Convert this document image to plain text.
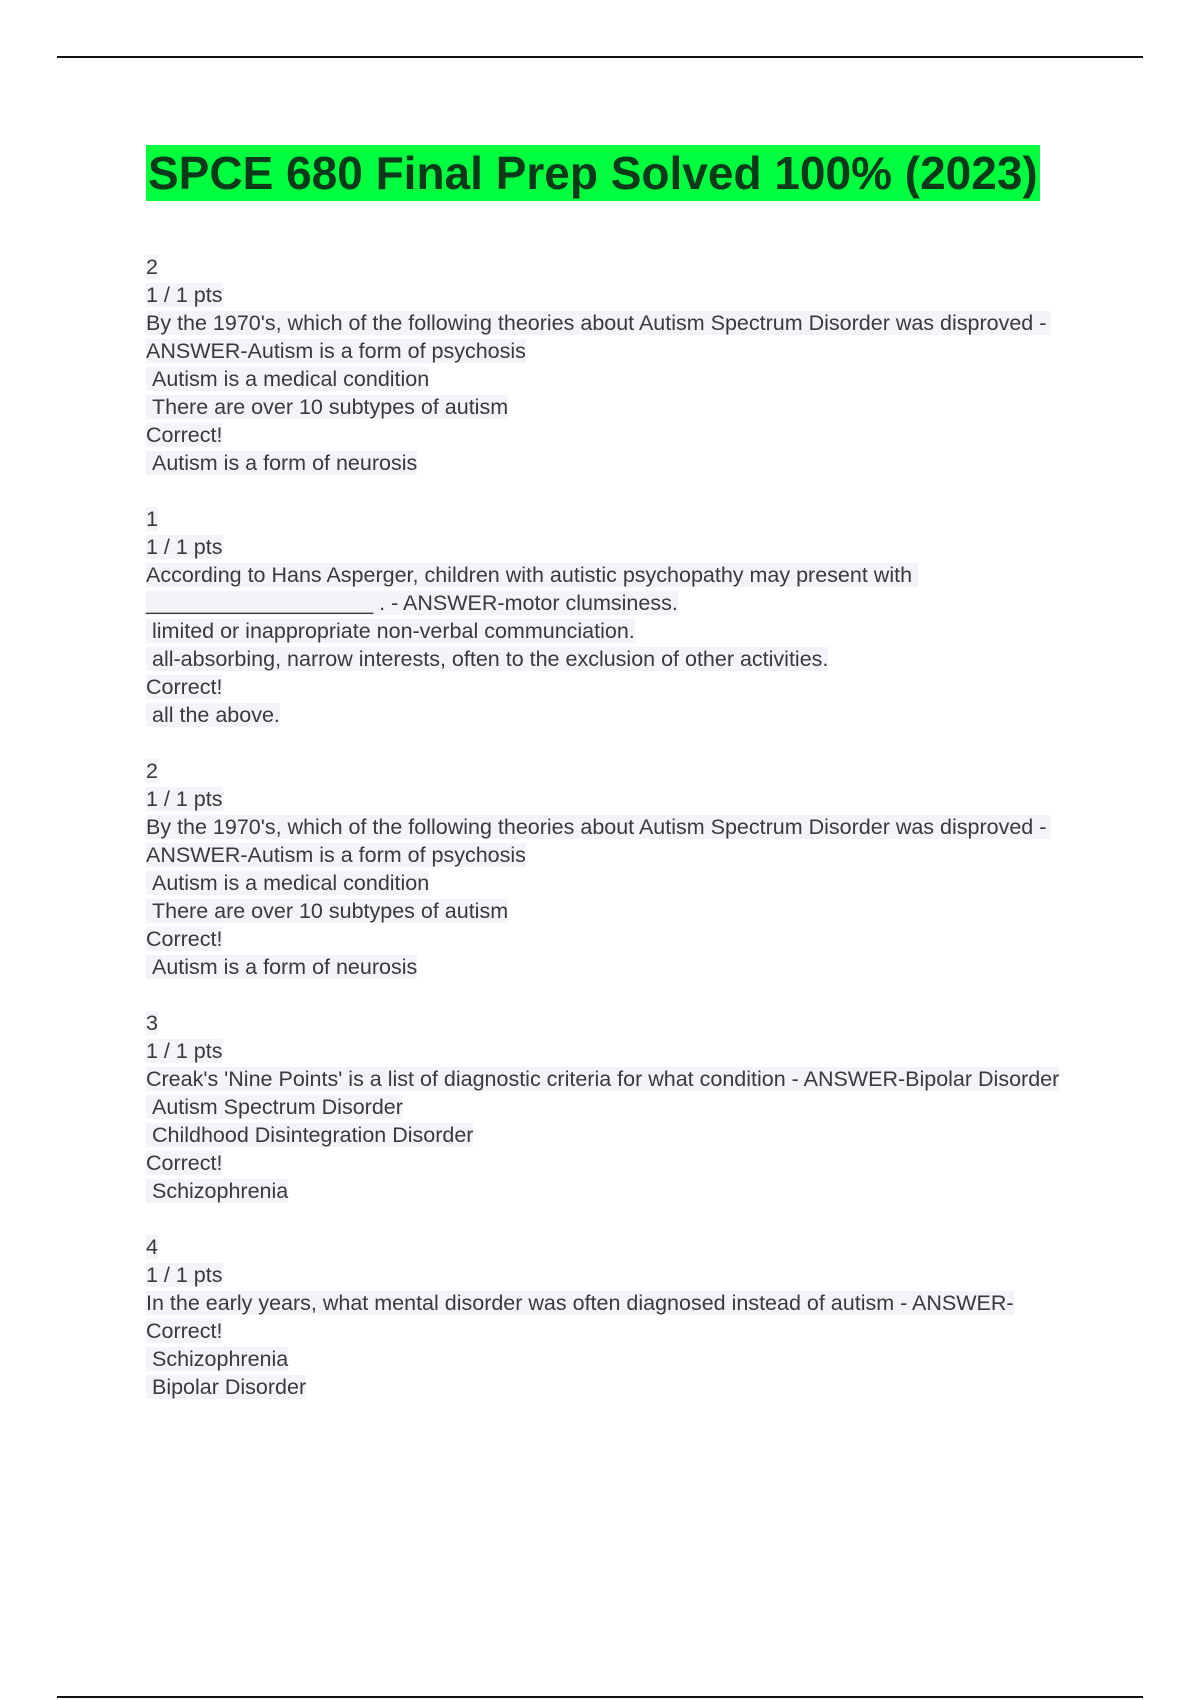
SPCE 680 Final Prep Solved 100% (2023)
2
1 / 1 pts
By the 1970's, which of the following theories about Autism Spectrum Disorder was disproved - ANSWER-Autism is a form of psychosis
Autism is a medical condition
There are over 10 subtypes of autism
Correct!
Autism is a form of neurosis
1
1 / 1 pts
According to Hans Asperger, children with autistic psychopathy may present with ___________________ . - ANSWER-motor clumsiness.
limited or inappropriate non-verbal communciation.
all-absorbing, narrow interests, often to the exclusion of other activities.
Correct!
all the above.
2
1 / 1 pts
By the 1970's, which of the following theories about Autism Spectrum Disorder was disproved - ANSWER-Autism is a form of psychosis
Autism is a medical condition
There are over 10 subtypes of autism
Correct!
Autism is a form of neurosis
3
1 / 1 pts
Creak's 'Nine Points' is a list of diagnostic criteria for what condition - ANSWER-Bipolar Disorder
Autism Spectrum Disorder
Childhood Disintegration Disorder
Correct!
Schizophrenia
4
1 / 1 pts
In the early years, what mental disorder was often diagnosed instead of autism - ANSWER-Correct!
Schizophrenia
Bipolar Disorder
